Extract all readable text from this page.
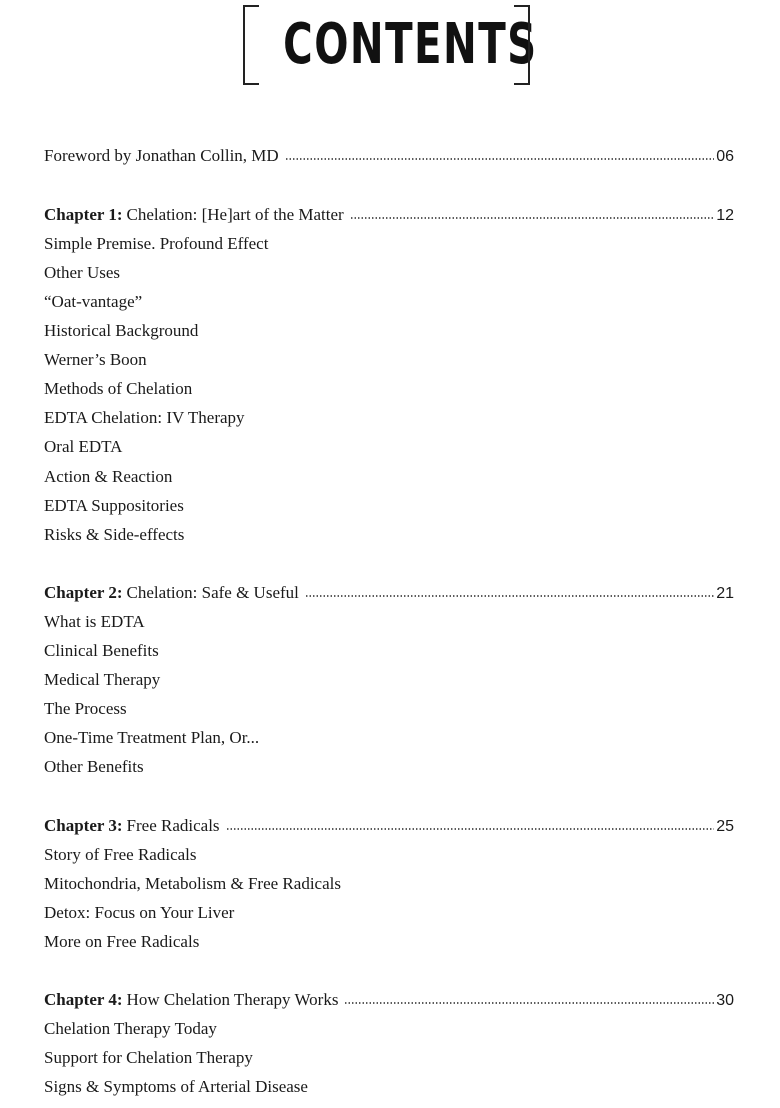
CONTENTS
Foreword by Jonathan Collin, MD	06
Chapter 1: Chelation: [He]art of the Matter	12
Simple Premise. Profound Effect
Other Uses
“Oat-vantage”
Historical Background
Werner’s Boon
Methods of Chelation
EDTA Chelation: IV Therapy
Oral EDTA
Action & Reaction
EDTA Suppositories
Risks & Side-effects
Chapter 2: Chelation: Safe & Useful	21
What is EDTA
Clinical Benefits
Medical Therapy
The Process
One-Time Treatment Plan, Or...
Other Benefits
Chapter 3: Free Radicals	25
Story of Free Radicals
Mitochondria, Metabolism & Free Radicals
Detox: Focus on Your Liver
More on Free Radicals
Chapter 4: How Chelation Therapy Works	30
Chelation Therapy Today
Support for Chelation Therapy
Signs & Symptoms of Arterial Disease
